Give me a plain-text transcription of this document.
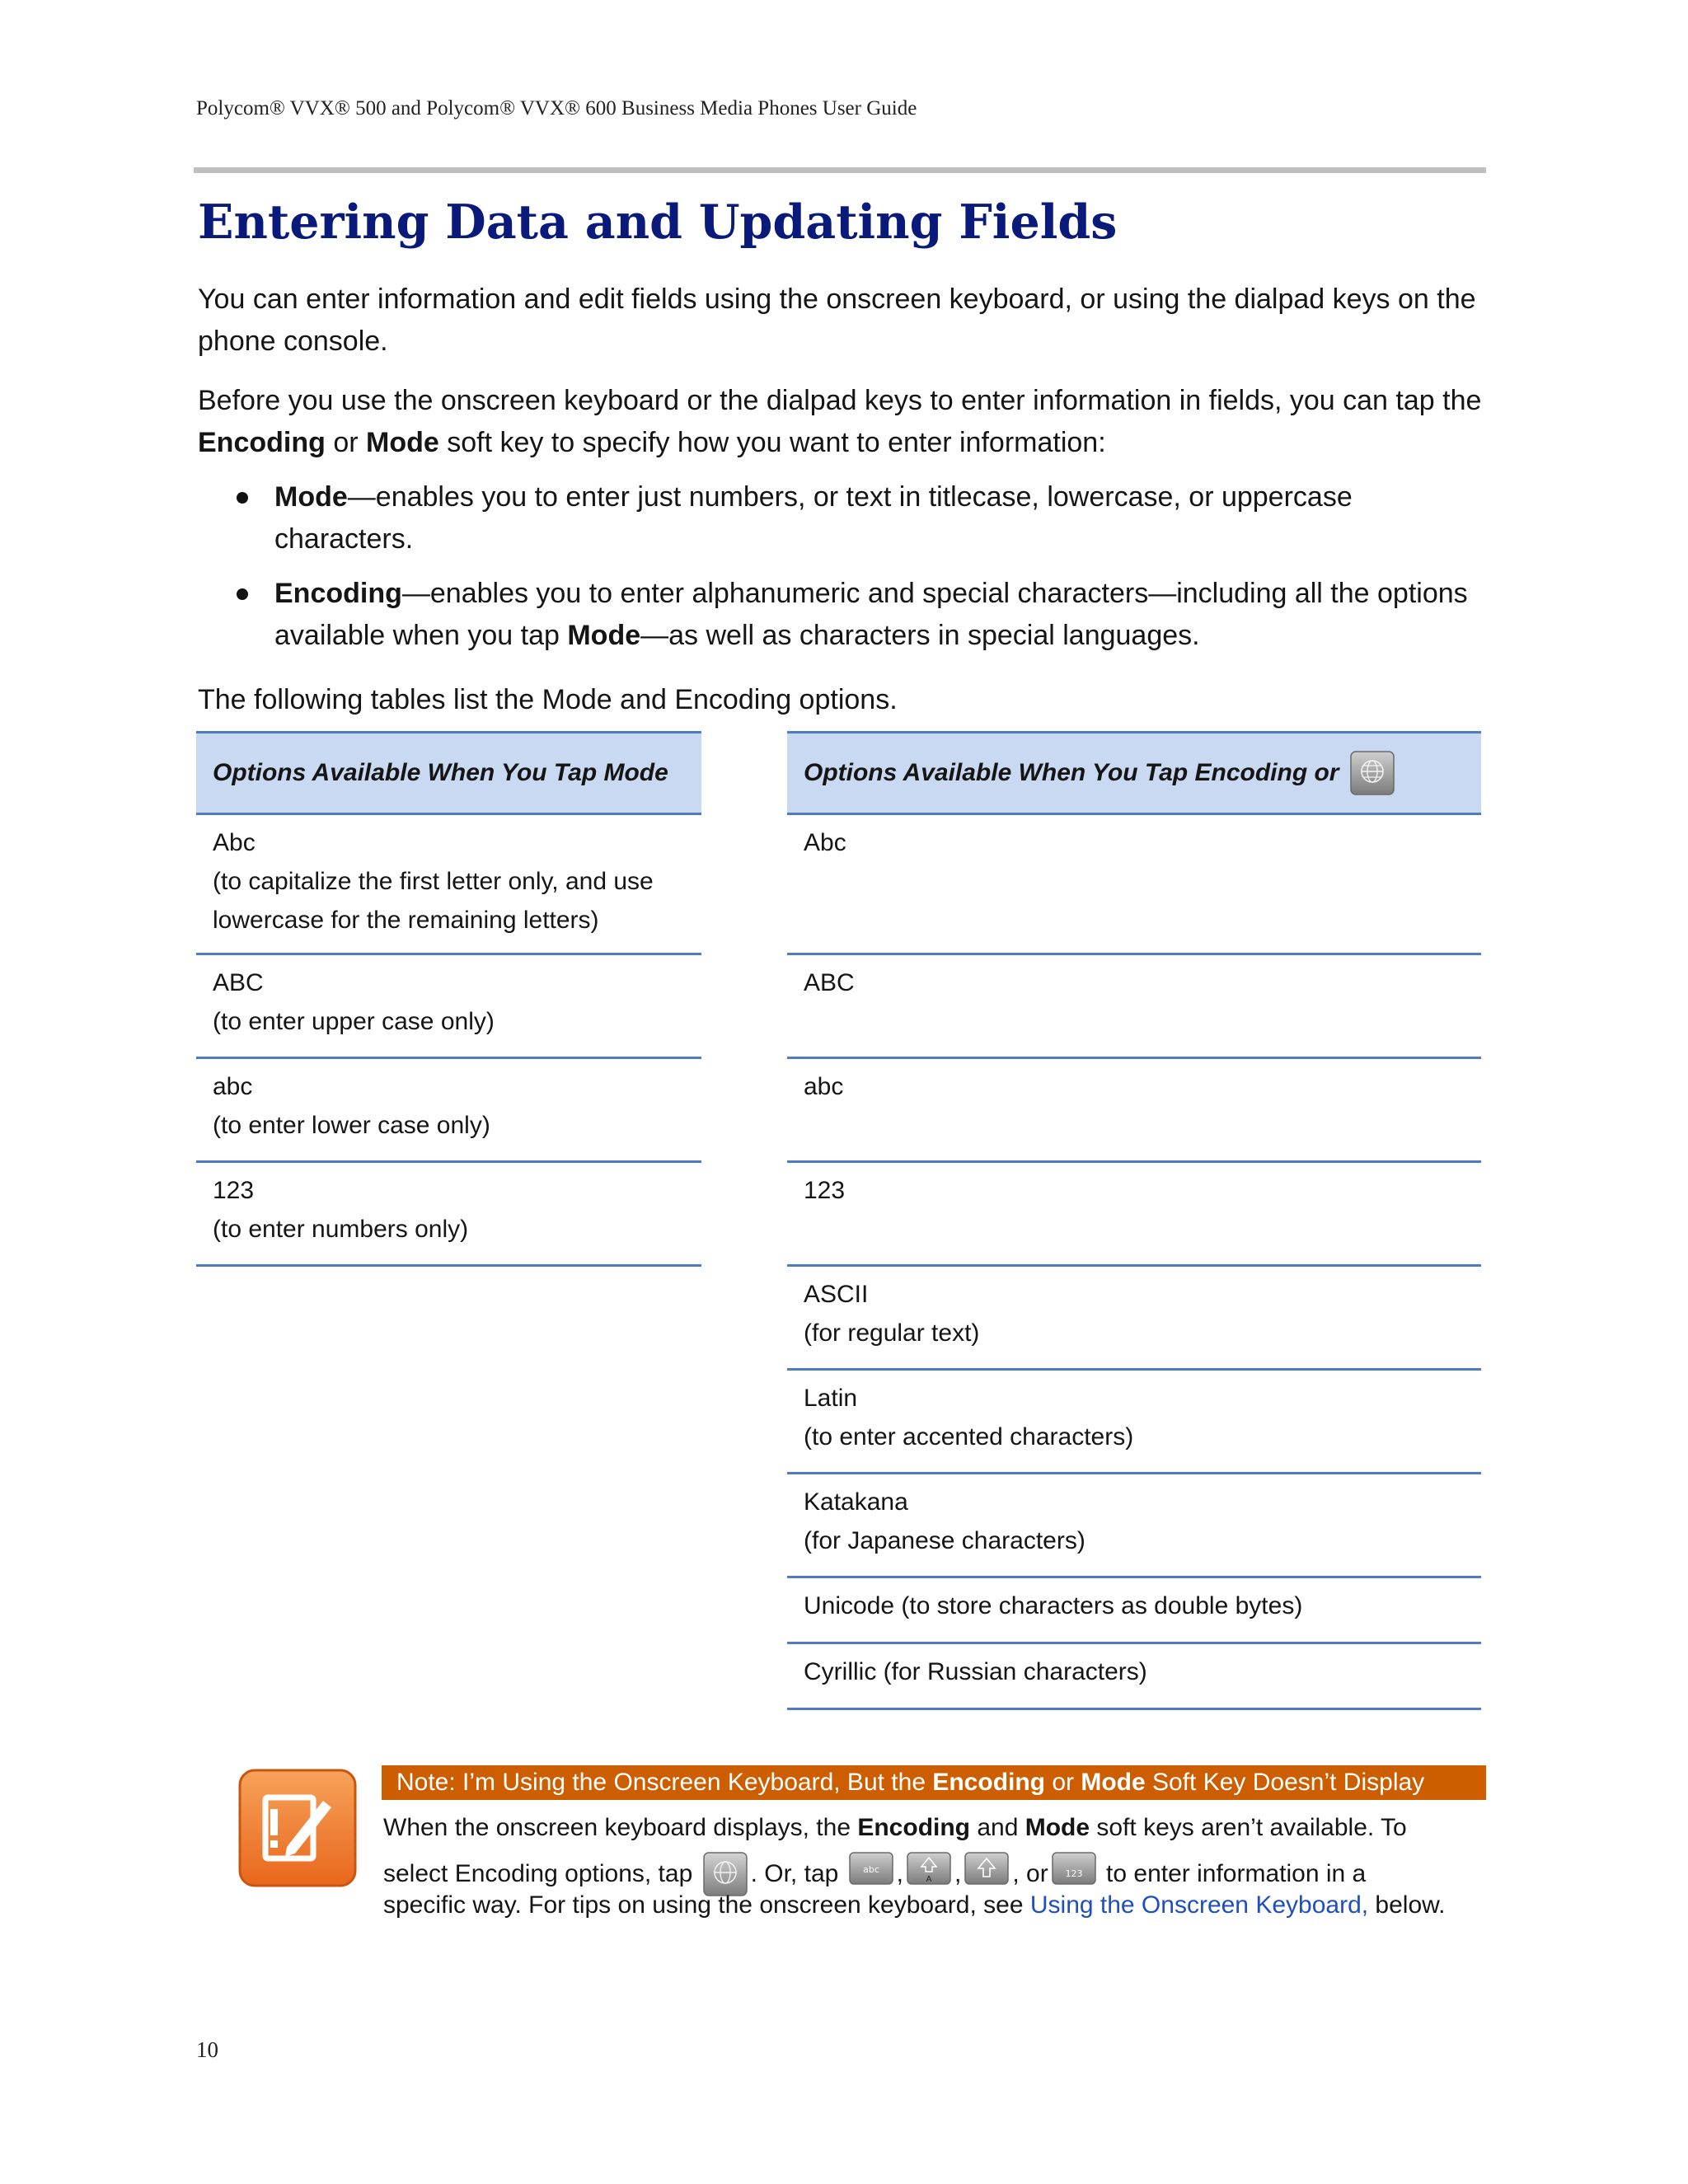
Polycom® VVX® 500 and Polycom® VVX® 600 Business Media Phones User Guide
Entering Data and Updating Fields
You can enter information and edit fields using the onscreen keyboard, or using the dialpad keys on the phone console.
Before you use the onscreen keyboard or the dialpad keys to enter information in fields, you can tap the Encoding or Mode soft key to specify how you want to enter information:
Mode—enables you to enter just numbers, or text in titlecase, lowercase, or uppercase
characters.
Encoding—enables you to enter alphanumeric and special characters—including all the options
available when you tap Mode—as well as characters in special languages.
The following tables list the Mode and Encoding options.
Options Available When You Tap Mode
Abc
(to capitalize the first letter only, and use
lowercase for the remaining letters)
ABC
(to enter upper case only)
abc
(to enter lower case only)
123
(to enter numbers only)
Options Available When You Tap Encoding or
Abc
ABC
abc
123
ASCII
(for regular text)
Latin
(to enter accented characters)
Katakana
(for Japanese characters)
Unicode (to store characters as double bytes)
Cyrillic (for Russian characters)
Note: I’m Using the Onscreen Keyboard, But the Encoding or Mode Soft Key Doesn’t Display
When the onscreen keyboard displays, the Encoding and Mode soft keys aren’t available. To
select Encoding options, tap . Or, tap abc ,	A , , or 123 to enter information in a
specific way. For tips on using the onscreen keyboard, see Using the Onscreen Keyboard, below.
10
